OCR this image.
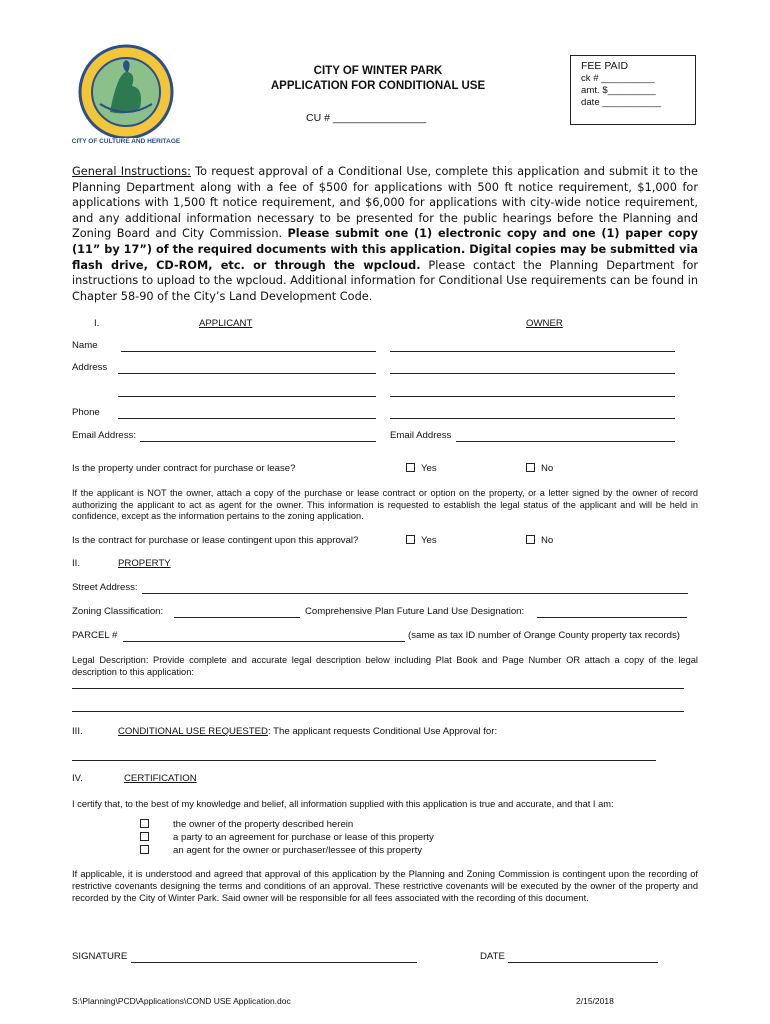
CITY OF CULTURE AND HERITAGE
CITY OF WINTER PARK
APPLICATION FOR CONDITIONAL USE
CU # ________________
FEE PAID
ck # __________
amt. $_________
date ___________
General Instructions: To request approval of a Conditional Use, complete this application and submit it to the Planning Department along with a fee of $500 for applications with 500 ft notice requirement, $1,000 for applications with 1,500 ft notice requirement, and $6,000 for applications with city-wide notice requirement, and any additional information necessary to be presented for the public hearings before the Planning and Zoning Board and City Commission. Please submit one (1) electronic copy and one (1) paper copy (11” by 17”) of the required documents with this application. Digital copies may be submitted via flash drive, CD-ROM, etc. or through the wpcloud. Please contact the Planning Department for instructions to upload to the wpcloud. Additional information for Conditional Use requirements can be found in Chapter 58-90 of the City’s Land Development Code.
I.	APPLICANT	OWNER
Name
Address
Phone
Email Address:	Email Address
Is the property under contract for purchase or lease?	Yes	No
If the applicant is NOT the owner, attach a copy of the purchase or lease contract or option on the property, or a letter signed by the owner of record authorizing the applicant to act as agent for the owner. This information is requested to establish the legal status of the applicant and will be held in confidence, except as the information pertains to the zoning application.
Is the contract for purchase or lease contingent upon this approval?	Yes	No
II.	PROPERTY
Street Address:
Zoning Classification:	Comprehensive Plan Future Land Use Designation:
PARCEL #	(same as tax ID number of Orange County property tax records)
Legal Description: Provide complete and accurate legal description below including Plat Book and Page Number OR attach a copy of the legal description to this application:
III.	CONDITIONAL USE REQUESTED: The applicant requests Conditional Use Approval for:
IV.	CERTIFICATION
I certify that, to the best of my knowledge and belief, all information supplied with this application is true and accurate, and that I am:
the owner of the property described herein
a party to an agreement for purchase or lease of this property
an agent for the owner or purchaser/lessee of this property
If applicable, it is understood and agreed that approval of this application by the Planning and Zoning Commission is contingent upon the recording of restrictive covenants designing the terms and conditions of an approval. These restrictive covenants will be executed by the owner of the property and recorded by the City of Winter Park. Said owner will be responsible for all fees associated with the recording of this document.
SIGNATURE	DATE
S:\Planning\PCD\Applications\COND USE Application.doc	2/15/2018
